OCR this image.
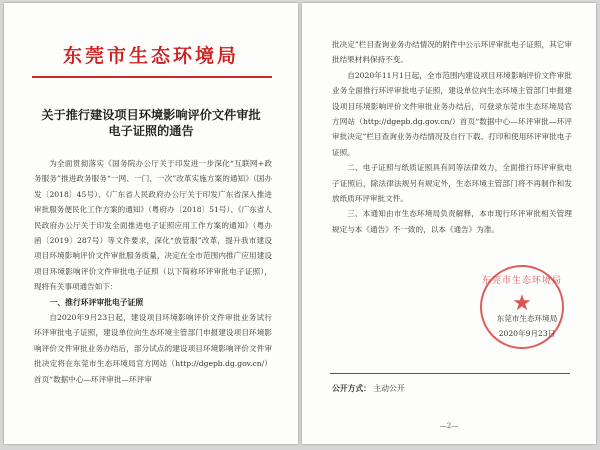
东莞市生态环境局
关于推行建设项目环境影响评价文件审批
电子证照的通告

为全面贯彻落实《国务院办公厅关于印发进一步深化“互联网+政务服务”推进政务服务“一网、一门、一次”改革实施方案的通知》（国办发〔2018〕45号）、《广东省人民政府办公厅关于印发广东省深入推进审批服务便民化工作方案的通知》（粤府办〔2018〕51号）、《广东省人民政府办公厅关于印发全面推进电子证照应用工作方案的通知》（粤办函〔2019〕287号）等文件要求，深化“放管服”改革，提升我市建设项目环境影响评价文件审批服务质量，决定在全市范围内推广应用建设项目环境影响评价文件审批电子证照（以下简称环评审批电子证照），现将有关事项通告如下：

一、推行环评审批电子证照

自2020年9月23日起，建设项目环境影响评价文件审批业务试行环评审批电子证照，建设单位向生态环境主管部门申报建设项目环境影响评价文件审批业务办结后，部分试点的建设项目环境影响评价文件审批决定将在东莞市生态环境局官方网站（http://dgepb.dg.gov.cn/）首页“数据中心—环评审批—环评审

批决定”栏目查询业务办结情况的附件中公示环评审批电子证照，其它审批结果材料保持不变。

自2020年11月1日起，全市范围内建设项目环境影响评价文件审批业务全面推行环评审批电子证照，建设单位向生态环境主管部门申报建设项目环境影响评价文件审批业务办结后，可登录东莞市生态环境局官方网站（http://dgepb.dg.gov.cn/）首页“数据中心—环评审批—环评审批决定”栏目查询业务办结情况及自行下载、打印和使用环评审批电子证照。

二、电子证照与纸质证照具有同等法律效力，全面推行环评审批电子证照后，除法律法规另有规定外，生态环境主管部门将不再制作和发放纸质环评审批文件。

三、本通知由市生态环境局负责解释，本市现行环评审批相关管理规定与本《通告》不一致的，以本《通告》为准。

东莞市生态环境局
★
东莞市生态环境局
2020年9月23日
公开方式： 主动公开
—2—
